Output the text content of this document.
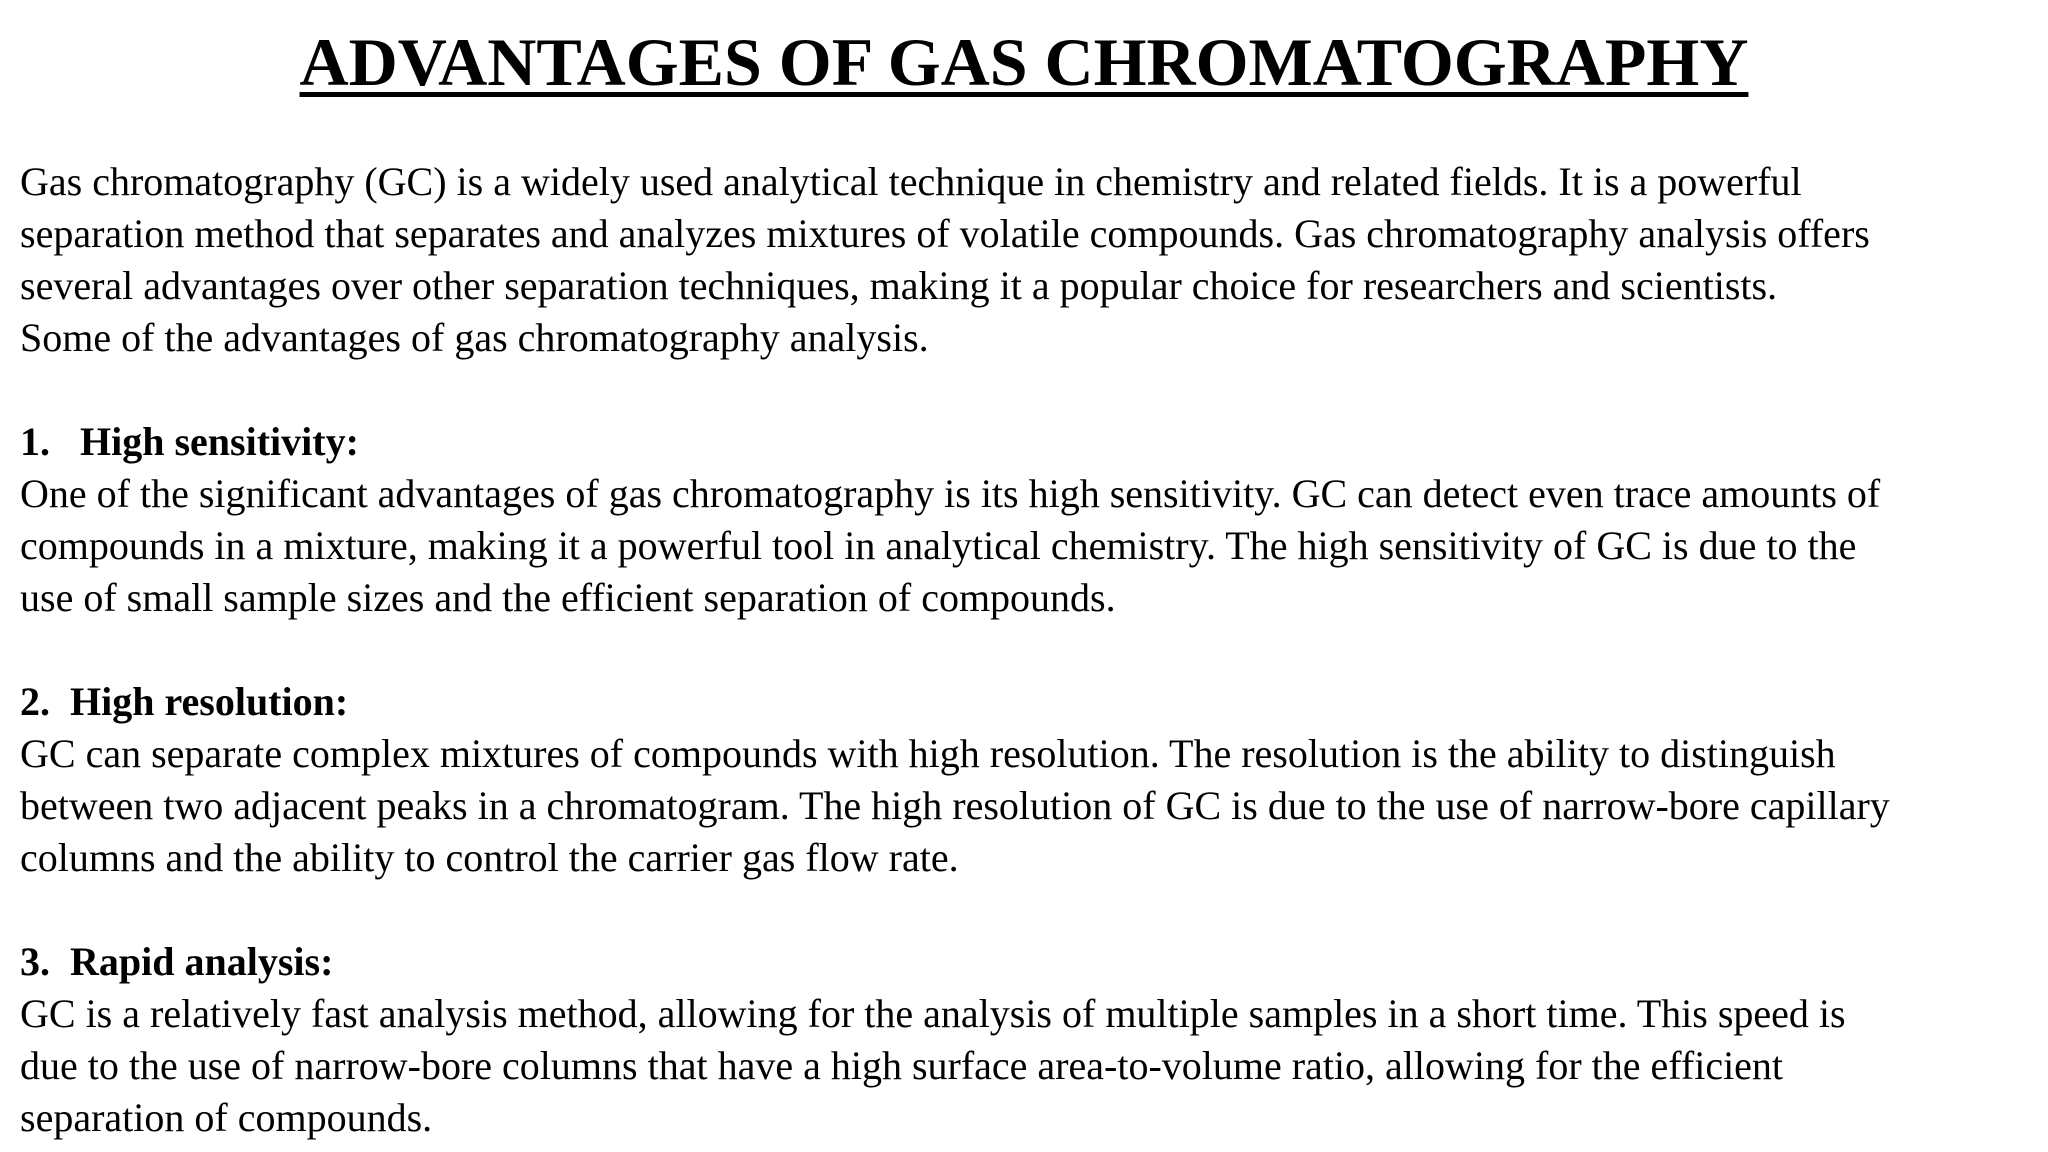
ADVANTAGES OF GAS CHROMATOGRAPHY

Gas chromatography (GC) is a widely used analytical technique in chemistry and related fields. It is a powerful
separation method that separates and analyzes mixtures of volatile compounds. Gas chromatography analysis offers
several advantages over other separation techniques, making it a popular choice for researchers and scientists.
Some of the advantages of gas chromatography analysis.

1.   High sensitivity:

One of the significant advantages of gas chromatography is its high sensitivity. GC can detect even trace amounts of
compounds in a mixture, making it a powerful tool in analytical chemistry. The high sensitivity of GC is due to the
use of small sample sizes and the efficient separation of compounds.

2.  High resolution:

GC can separate complex mixtures of compounds with high resolution. The resolution is the ability to distinguish
between two adjacent peaks in a chromatogram. The high resolution of GC is due to the use of narrow-bore capillary
columns and the ability to control the carrier gas flow rate.

3.  Rapid analysis:

GC is a relatively fast analysis method, allowing for the analysis of multiple samples in a short time. This speed is
due to the use of narrow-bore columns that have a high surface area-to-volume ratio, allowing for the efficient
separation of compounds.
